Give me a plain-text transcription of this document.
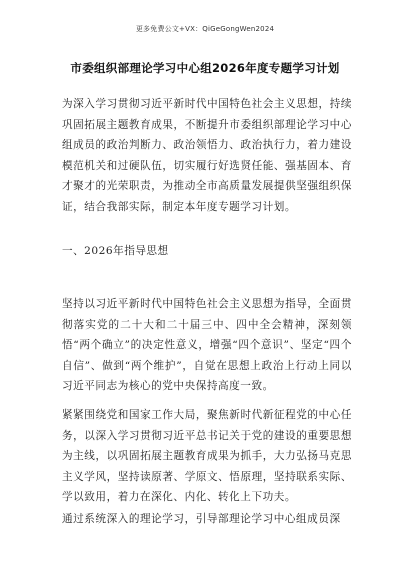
更多免费公文+VX：QiGeGongWen2024
市委组织部理论学习中心组2026年度专题学习计划
为深入学习贯彻习近平新时代中国特色社会主义思想，持续巩固拓展主题教育成果，不断提升市委组织部理论学习中心组成员的政治判断力、政治领悟力、政治执行力，着力建设模范机关和过硬队伍，切实履行好选贤任能、强基固本、育才聚才的光荣职责，为推动全市高质量发展提供坚强组织保证，结合我部实际，制定本年度专题学习计划。
一、2026年指导思想
坚持以习近平新时代中国特色社会主义思想为指导，全面贯彻落实党的二十大和二十届三中、四中全会精神，深刻领悟“两个确立”的决定性意义，增强“四个意识”、坚定“四个自信”、做到“两个维护”，自觉在思想上政治上行动上同以习近平同志为核心的党中央保持高度一致。
紧紧围绕党和国家工作大局，聚焦新时代新征程党的中心任务，以深入学习贯彻习近平总书记关于党的建设的重要思想为主线，以巩固拓展主题教育成果为抓手，大力弘扬马克思主义学风，坚持读原著、学原文、悟原理，坚持联系实际、学以致用，着力在深化、内化、转化上下功夫。
通过系统深入的理论学习，引导部理论学习中心组成员深
